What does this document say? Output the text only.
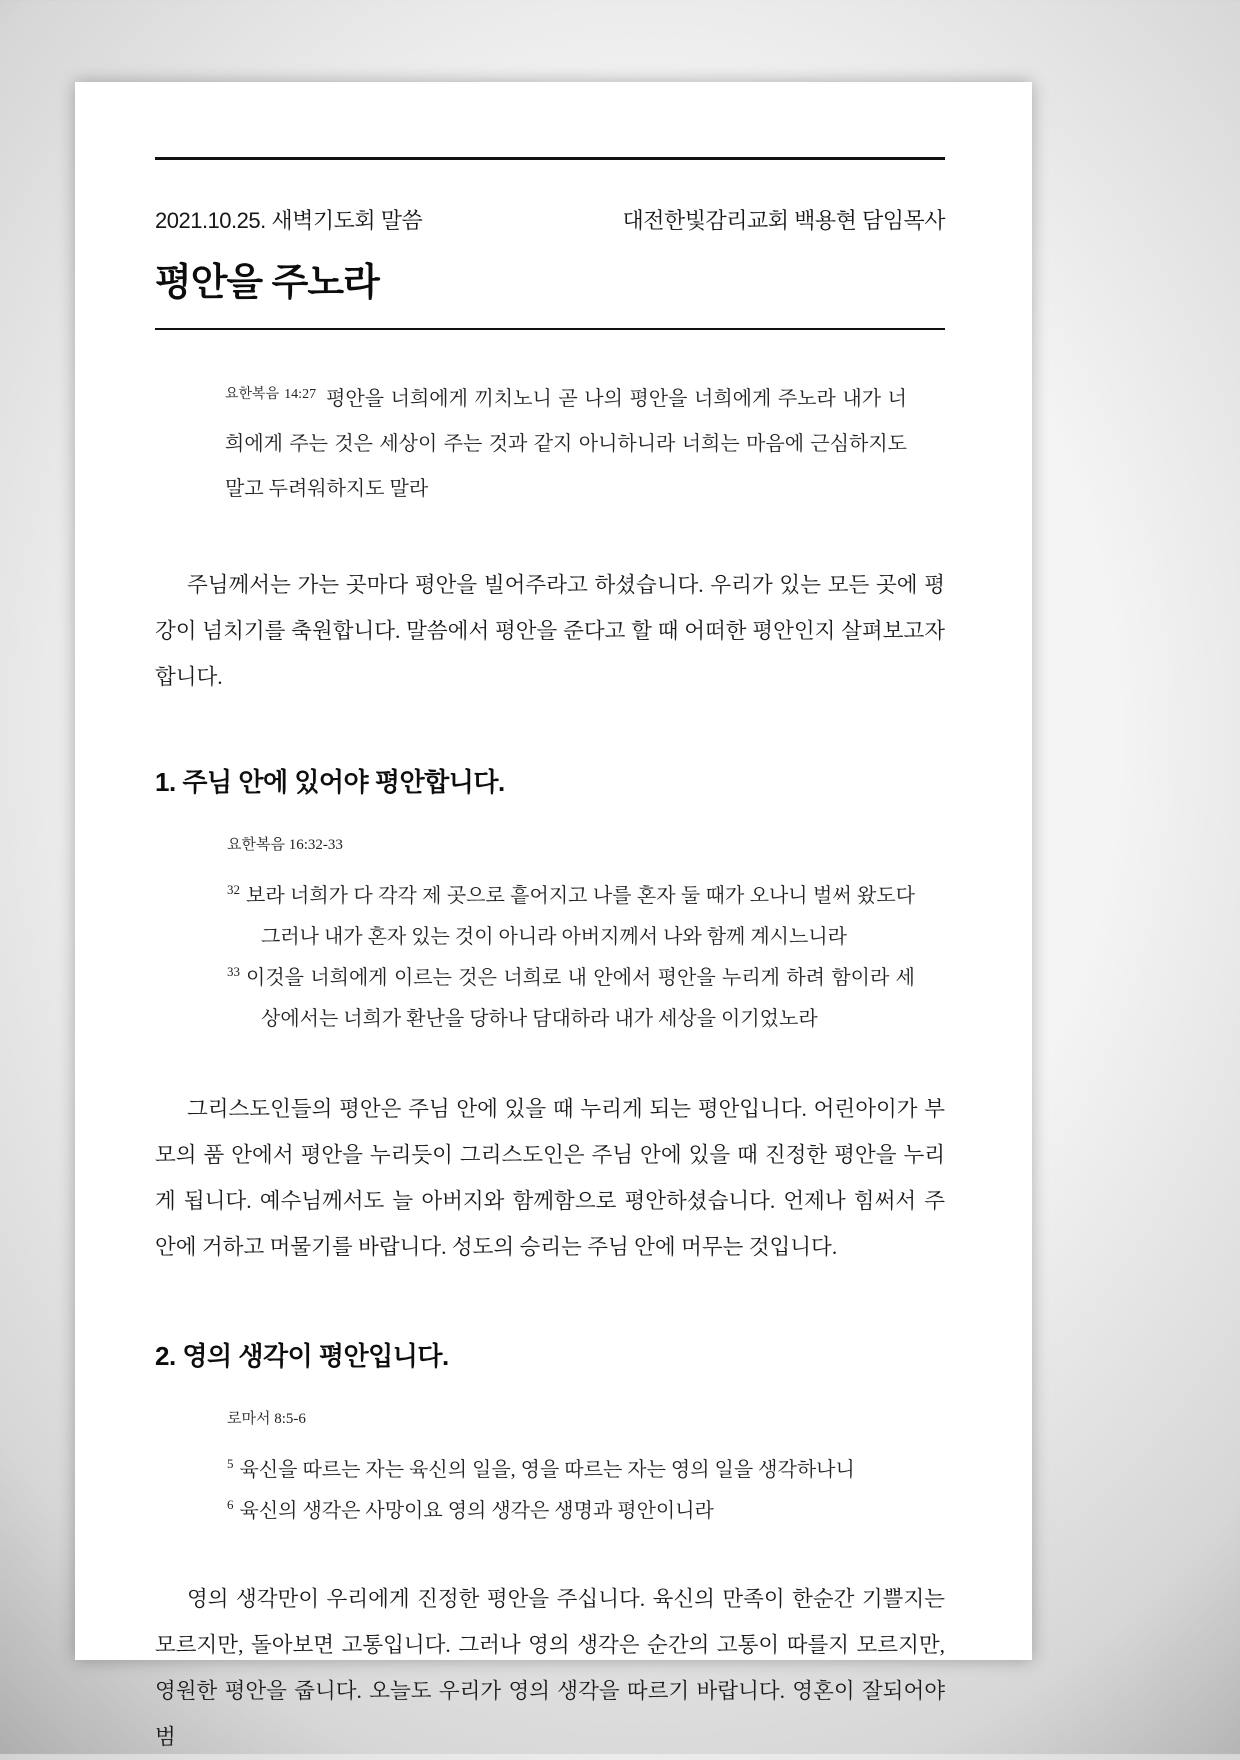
2021.10.25. 새벽기도회 말씀	대전한빛감리교회 백용현 담임목사
평안을 주노라
$^{요한복음 14:27}$ 평안을 너희에게 끼치노니 곧 나의 평안을 너희에게 주노라 내가 너희에게 주는 것은 세상이 주는 것과 같지 아니하니라 너희는 마음에 근심하지도 말고 두려워하지도 말라
주님께서는 가는 곳마다 평안을 빌어주라고 하셨습니다. 우리가 있는 모든 곳에 평강이 넘치기를 축원합니다. 말씀에서 평안을 준다고 할 때 어떠한 평안인지 살펴보고자 합니다.
1. 주님 안에 있어야 평안합니다.
요한복음 16:32-33
$^{32}$ 보라 너희가 다 각각 제 곳으로 흩어지고 나를 혼자 둘 때가 오나니 벌써 왔도다 그러나 내가 혼자 있는 것이 아니라 아버지께서 나와 함께 계시느니라
$^{33}$ 이것을 너희에게 이르는 것은 너희로 내 안에서 평안을 누리게 하려 함이라 세상에서는 너희가 환난을 당하나 담대하라 내가 세상을 이기었노라
그리스도인들의 평안은 주님 안에 있을 때 누리게 되는 평안입니다. 어린아이가 부모의 품 안에서 평안을 누리듯이 그리스도인은 주님 안에 있을 때 진정한 평안을 누리게 됩니다. 예수님께서도 늘 아버지와 함께함으로 평안하셨습니다. 언제나 힘써서 주 안에 거하고 머물기를 바랍니다. 성도의 승리는 주님 안에 머무는 것입니다.
2. 영의 생각이 평안입니다.
로마서 8:5-6
$^5$ 육신을 따르는 자는 육신의 일을, 영을 따르는 자는 영의 일을 생각하나니
$^6$ 육신의 생각은 사망이요 영의 생각은 생명과 평안이니라
영의 생각만이 우리에게 진정한 평안을 주십니다. 육신의 만족이 한순간 기쁠지는 모르지만, 돌아보면 고통입니다. 그러나 영의 생각은 순간의 고통이 따를지 모르지만, 영원한 평안을 줍니다. 오늘도 우리가 영의 생각을 따르기 바랍니다. 영혼이 잘되어야 범
